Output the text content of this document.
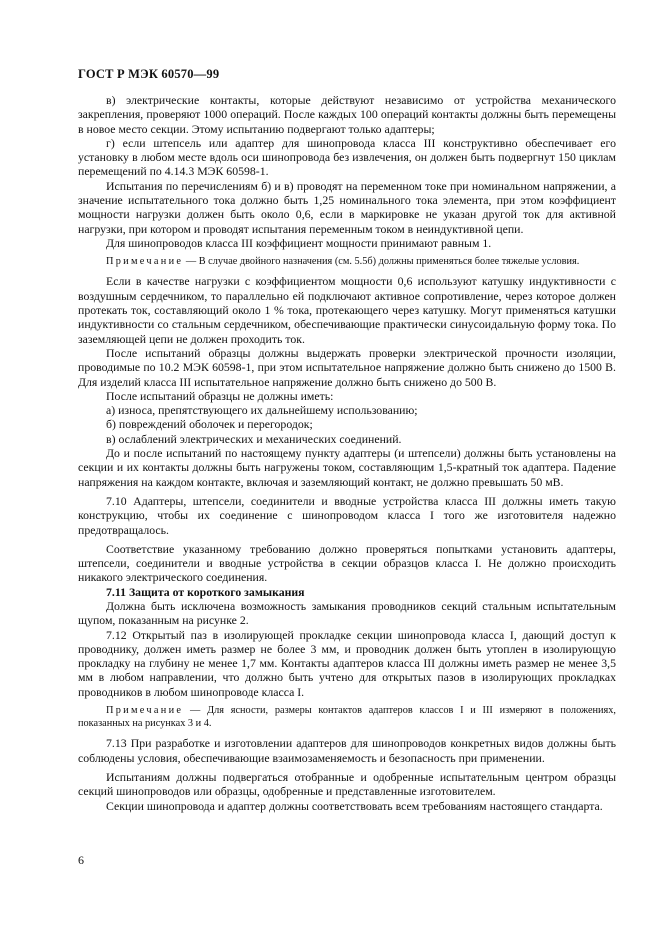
ГОСТ Р МЭК 60570—99

в) электрические контакты, которые действуют независимо от устройства механического закрепления, проверяют 1000 операций. После каждых 100 операций контакты должны быть перемещены в новое место секции. Этому испытанию подвергают только адаптеры;

г) если штепсель или адаптер для шинопровода класса III конструктивно обеспечивает его установку в любом месте вдоль оси шинопровода без извлечения, он должен быть подвергнут 150 циклам перемещений по 4.14.3 МЭК 60598-1.

Испытания по перечислениям б) и в) проводят на переменном токе при номинальном напряжении, а значение испытательного тока должно быть 1,25 номинального тока элемента, при этом коэффициент мощности нагрузки должен быть около 0,6, если в маркировке не указан другой ток для активной нагрузки, при котором и проводят испытания переменным током в неиндуктивной цепи.

Для шинопроводов класса III коэффициент мощности принимают равным 1.

Примечание — В случае двойного назначения (см. 5.5б) должны применяться более тяжелые условия.

Если в качестве нагрузки с коэффициентом мощности 0,6 используют катушку индуктивности с воздушным сердечником, то параллельно ей подключают активное сопротивление, через которое должен протекать ток, составляющий около 1 % тока, протекающего через катушку. Могут применяться катушки индуктивности со стальным сердечником, обеспечивающие практически синусоидальную форму тока. По заземляющей цепи не должен проходить ток.

После испытаний образцы должны выдержать проверки электрической прочности изоляции, проводимые по 10.2 МЭК 60598-1, при этом испытательное напряжение должно быть снижено до 1500 В. Для изделий класса III испытательное напряжение должно быть снижено до 500 В.

После испытаний образцы не должны иметь:

а) износа, препятствующего их дальнейшему использованию;

б) повреждений оболочек и перегородок;

в) ослаблений электрических и механических соединений.

До и после испытаний по настоящему пункту адаптеры (и штепсели) должны быть установлены на секции и их контакты должны быть нагружены током, составляющим 1,5-кратный ток адаптера. Падение напряжения на каждом контакте, включая и заземляющий контакт, не должно превышать 50 мВ.

7.10 Адаптеры, штепсели, соединители и вводные устройства класса III должны иметь такую конструкцию, чтобы их соединение с шинопроводом класса I того же изготовителя надежно предотвращалось.

Соответствие указанному требованию должно проверяться попытками установить адаптеры, штепсели, соединители и вводные устройства в секции образцов класса I. Не должно происходить никакого электрического соединения.

7.11 Защита от короткого замыкания

Должна быть исключена возможность замыкания проводников секций стальным испытательным щупом, показанным на рисунке 2.

7.12 Открытый паз в изолирующей прокладке секции шинопровода класса I, дающий доступ к проводнику, должен иметь размер не более 3 мм, и проводник должен быть утоплен в изолирующую прокладку на глубину не менее 1,7 мм. Контакты адаптеров класса III должны иметь размер не менее 3,5 мм в любом направлении, что должно быть учтено для открытых пазов в изолирующих прокладках проводников в любом шинопроводе класса I.

Примечание — Для ясности, размеры контактов адаптеров классов I и III измеряют в положениях, показанных на рисунках 3 и 4.

7.13 При разработке и изготовлении адаптеров для шинопроводов конкретных видов должны быть соблюдены условия, обеспечивающие взаимозаменяемость и безопасность при применении.

Испытаниям должны подвергаться отобранные и одобренные испытательным центром образцы секций шинопроводов или образцы, одобренные и представленные изготовителем.

Секции шинопровода и адаптер должны соответствовать всем требованиям настоящего стандарта.

6
